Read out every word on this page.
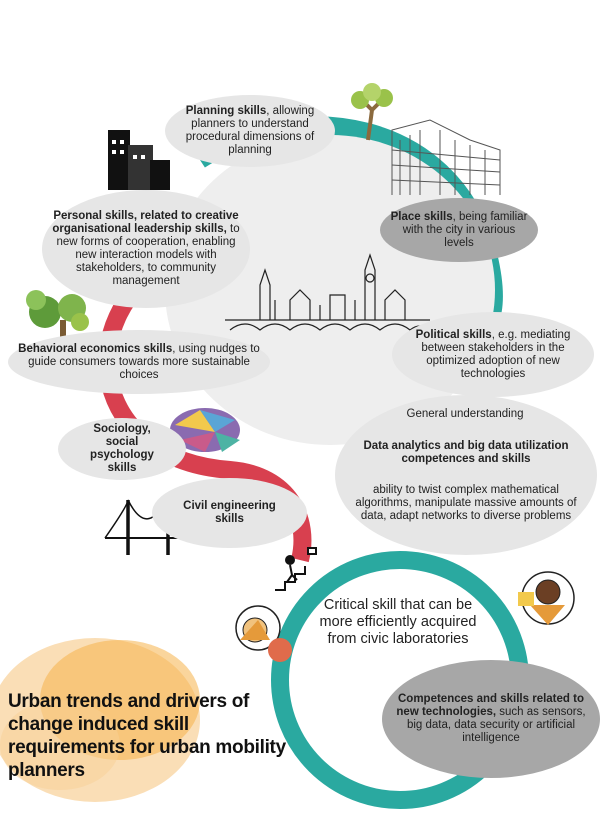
Planning skills, allowing planners to understand procedural dimensions of planning
Place skills, being familiar with the city in various levels
Personal skills, related to creative organisational leadership skills, to new forms of cooperation, enabling new interaction models with stakeholders, to community management
Political skills, e.g. mediating between stakeholders in the optimized adoption of new technologies
Behavioral economics skills, using nudges to guide consumers towards more sustainable choices
Sociology, social psychology skills
Civil engineering skills
General understanding
Data analytics and big data utilization competences and skills
ability to twist complex mathematical algorithms, manipulate massive amounts of data, adapt networks to diverse problems
Critical skill that can be more efficiently acquired from civic laboratories
Competences and skills related to new technologies, such as sensors, big data, data security or artificial intelligence
Urban trends and drivers of change induced skill requirements for urban mobility planners
